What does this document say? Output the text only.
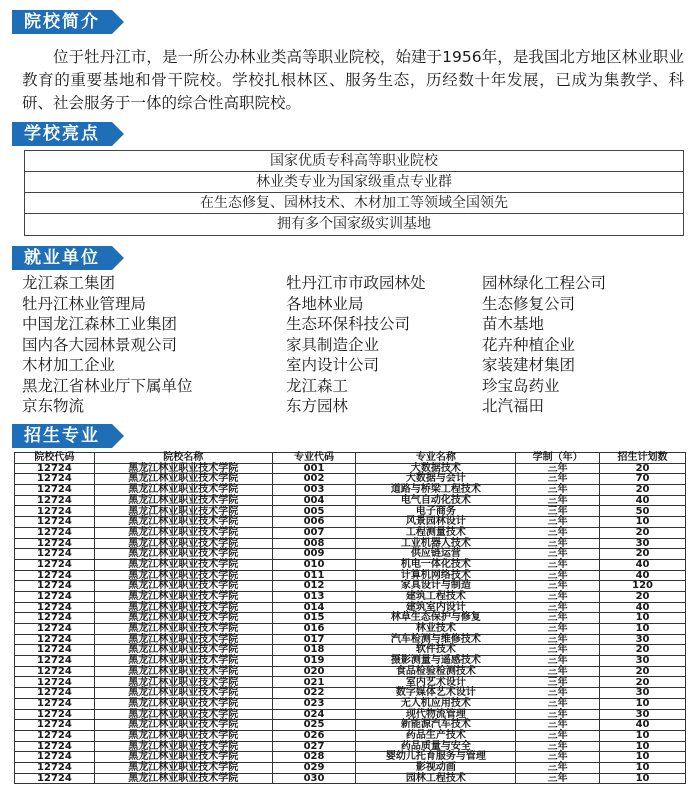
院校简介

位于牡丹江市，是一所公办林业类高等职业院校，始建于1956年，是我国北方地区林业职业教育的重要基地和骨干院校。学校扎根林区、服务生态，历经数十年发展，已成为集教学、科研、社会服务于一体的综合性高职院校。

学校亮点
国家优质专科高等职业院校
林业类专业为国家级重点专业群
在生态修复、园林技术、木材加工等领域全国领先
拥有多个国家级实训基地
就业单位
龙江森工集团	牡丹江市市政园林处	园林绿化工程公司
牡丹江林业管理局	各地林业局	生态修复公司
中国龙江森林工业集团	生态环保科技公司	苗木基地
国内各大园林景观公司	家具制造企业	花卉种植企业
木材加工企业	室内设计公司	家装建材集团
黑龙江省林业厅下属单位	龙江森工	珍宝岛药业
京东物流	东方园林	北汽福田
招生专业
院校代码	院校名称	专业代码	专业名称	学制（年）	招生计划数
12724	黑龙江林业职业技术学院	001	大数据技术	三年	20
12724	黑龙江林业职业技术学院	002	大数据与会计	三年	70
12724	黑龙江林业职业技术学院	003	道路与桥梁工程技术	三年	20
12724	黑龙江林业职业技术学院	004	电气自动化技术	三年	40
12724	黑龙江林业职业技术学院	005	电子商务	三年	50
12724	黑龙江林业职业技术学院	006	风景园林设计	三年	10
12724	黑龙江林业职业技术学院	007	工程测量技术	三年	20
12724	黑龙江林业职业技术学院	008	工业机器人技术	三年	30
12724	黑龙江林业职业技术学院	009	供应链运营	三年	20
12724	黑龙江林业职业技术学院	010	机电一体化技术	三年	40
12724	黑龙江林业职业技术学院	011	计算机网络技术	三年	40
12724	黑龙江林业职业技术学院	012	家具设计与制造	三年	120
12724	黑龙江林业职业技术学院	013	建筑工程技术	三年	20
12724	黑龙江林业职业技术学院	014	建筑室内设计	三年	40
12724	黑龙江林业职业技术学院	015	林草生态保护与修复	三年	10
12724	黑龙江林业职业技术学院	016	林业技术	三年	10
12724	黑龙江林业职业技术学院	017	汽车检测与维修技术	三年	30
12724	黑龙江林业职业技术学院	018	软件技术	三年	20
12724	黑龙江林业职业技术学院	019	摄影测量与遥感技术	三年	30
12724	黑龙江林业职业技术学院	020	食品检验检测技术	三年	20
12724	黑龙江林业职业技术学院	021	室内艺术设计	三年	20
12724	黑龙江林业职业技术学院	022	数字媒体艺术设计	三年	30
12724	黑龙江林业职业技术学院	023	无人机应用技术	三年	10
12724	黑龙江林业职业技术学院	024	现代物流管理	三年	30
12724	黑龙江林业职业技术学院	025	新能源汽车技术	三年	40
12724	黑龙江林业职业技术学院	026	药品生产技术	三年	10
12724	黑龙江林业职业技术学院	027	药品质量与安全	三年	10
12724	黑龙江林业职业技术学院	028	婴幼儿托育服务与管理	三年	10
12724	黑龙江林业职业技术学院	029	影视动画	三年	10
12724	黑龙江林业职业技术学院	030	园林工程技术	三年	10
